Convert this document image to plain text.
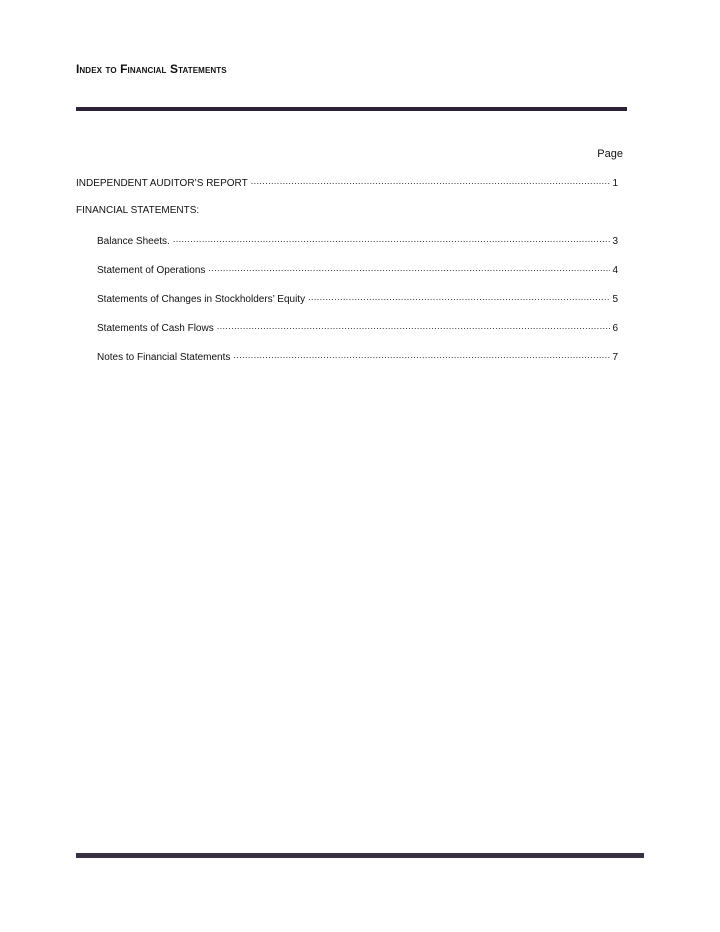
Index to Financial Statements
Page
INDEPENDENT AUDITOR’S REPORT .....	1
FINANCIAL STATEMENTS:
Balance Sheets. .....	3
Statement of Operations .....	4
Statements of Changes in Stockholders’ Equity .....	5
Statements of Cash Flows .....	6
Notes to Financial Statements .....	7
